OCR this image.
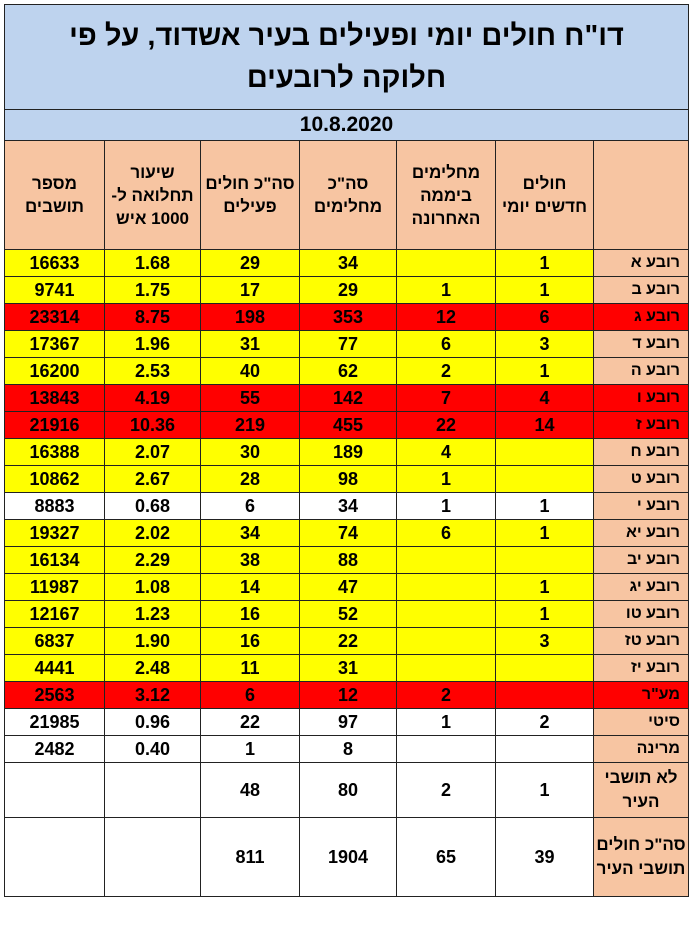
דו"ח חולים יומי ופעילים בעיר אשדוד, על פי חלוקה לרובעים						
10.8.2020						
	חולים חדשים יומי	מחלימים ביממה האחרונה	סה"כ מחלימים	סה"כ חולים פעילים	שיעור תחלואה ל- 1000 איש	מספר תושבים
רובע א	1		34	29	1.68	16633
רובע ב	1	1	29	17	1.75	9741
רובע ג	6	12	353	198	8.75	23314
רובע ד	3	6	77	31	1.96	17367
רובע ה	1	2	62	40	2.53	16200
רובע ו	4	7	142	55	4.19	13843
רובע ז	14	22	455	219	10.36	21916
רובע ח		4	189	30	2.07	16388
רובע ט		1	98	28	2.67	10862
רובע י	1	1	34	6	0.68	8883
רובע יא	1	6	74	34	2.02	19327
רובע יב			88	38	2.29	16134
רובע יג	1		47	14	1.08	11987
רובע טו	1		52	16	1.23	12167
רובע טז	3		22	16	1.90	6837
רובע יז			31	11	2.48	4441
מע"ר		2	12	6	3.12	2563
סיטי	2	1	97	22	0.96	21985
מרינה			8	1	0.40	2482
לא תושבי העיר	1	2	80	48		
סה"כ חולים תושבי העיר	39	65	1904	811		
